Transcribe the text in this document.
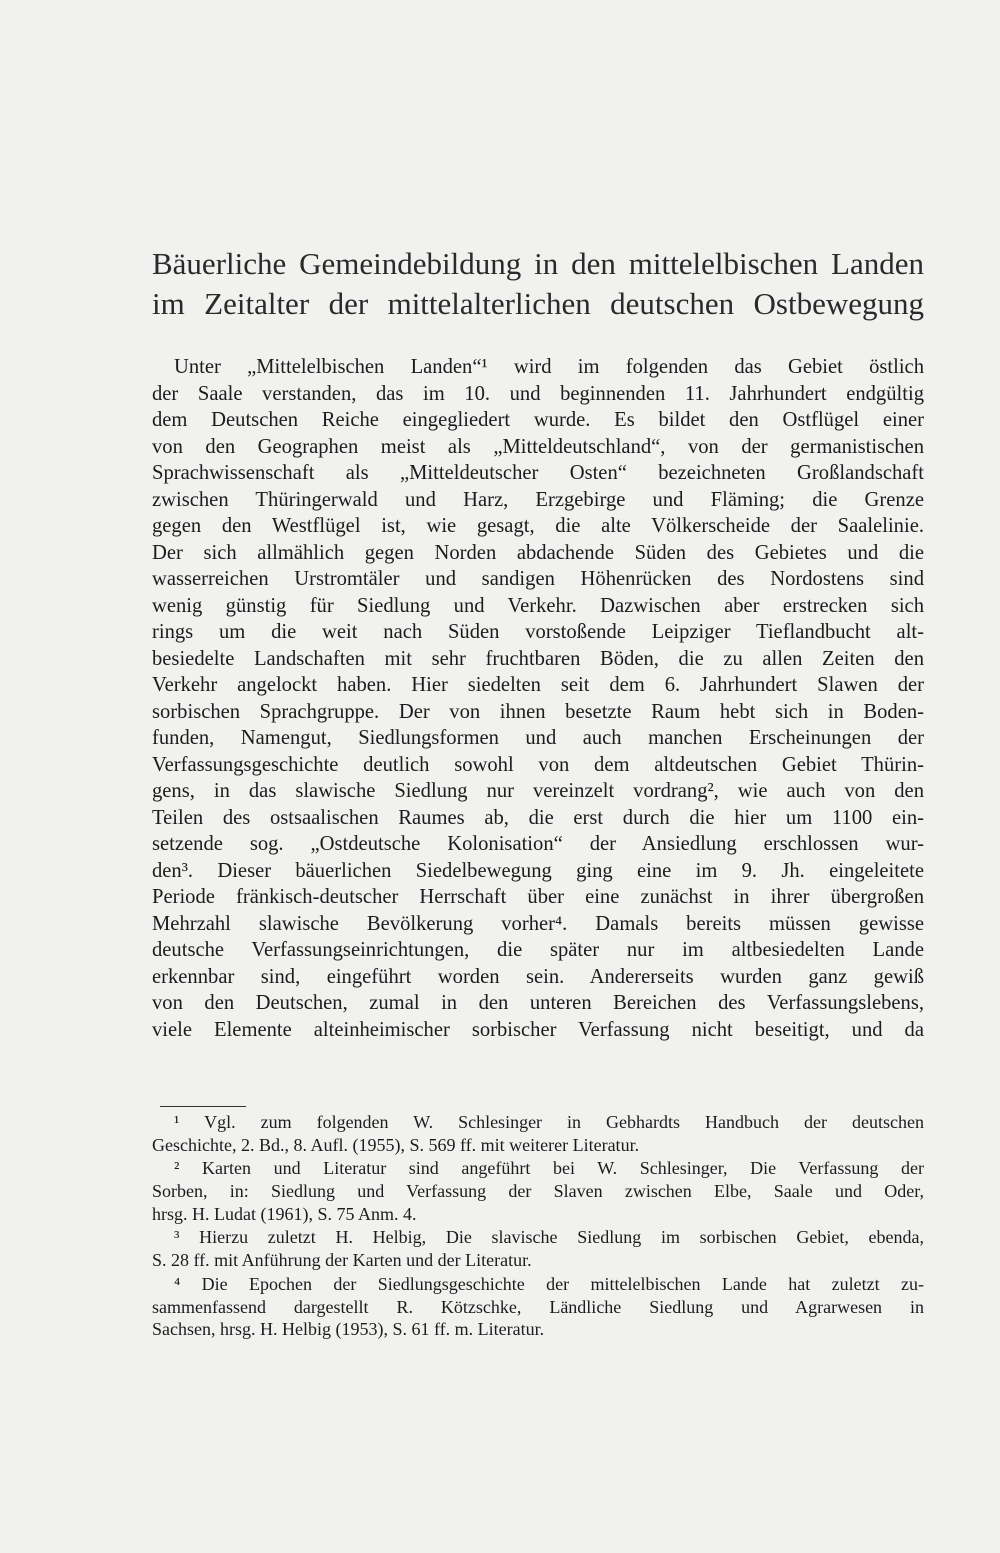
Bäuerliche Gemeindebildung in den mittelelbischen Landen
im Zeitalter der mittelalterlichen deutschen Ostbewegung
Unter „Mittelelbischen Landen“¹ wird im folgenden das Gebiet östlich
der Saale verstanden, das im 10. und beginnenden 11. Jahrhundert endgültig
dem Deutschen Reiche eingegliedert wurde. Es bildet den Ostflügel einer
von den Geographen meist als „Mitteldeutschland“, von der germanistischen
Sprachwissenschaft als „Mitteldeutscher Osten“ bezeichneten Großlandschaft
zwischen Thüringerwald und Harz, Erzgebirge und Fläming; die Grenze
gegen den Westflügel ist, wie gesagt, die alte Völkerscheide der Saalelinie.
Der sich allmählich gegen Norden abdachende Süden des Gebietes und die
wasserreichen Urstromtäler und sandigen Höhenrücken des Nordostens sind
wenig günstig für Siedlung und Verkehr. Dazwischen aber erstrecken sich
rings um die weit nach Süden vorstoßende Leipziger Tieflandbucht alt-
besiedelte Landschaften mit sehr fruchtbaren Böden, die zu allen Zeiten den
Verkehr angelockt haben. Hier siedelten seit dem 6. Jahrhundert Slawen der
sorbischen Sprachgruppe. Der von ihnen besetzte Raum hebt sich in Boden-
funden, Namengut, Siedlungsformen und auch manchen Erscheinungen der
Verfassungsgeschichte deutlich sowohl von dem altdeutschen Gebiet Thürin-
gens, in das slawische Siedlung nur vereinzelt vordrang², wie auch von den
Teilen des ostsaalischen Raumes ab, die erst durch die hier um 1100 ein-
setzende sog. „Ostdeutsche Kolonisation“ der Ansiedlung erschlossen wur-
den³. Dieser bäuerlichen Siedelbewegung ging eine im 9. Jh. eingeleitete
Periode fränkisch-deutscher Herrschaft über eine zunächst in ihrer übergroßen
Mehrzahl slawische Bevölkerung vorher⁴. Damals bereits müssen gewisse
deutsche Verfassungseinrichtungen, die später nur im altbesiedelten Lande
erkennbar sind, eingeführt worden sein. Andererseits wurden ganz gewiß
von den Deutschen, zumal in den unteren Bereichen des Verfassungslebens,
viele Elemente alteinheimischer sorbischer Verfassung nicht beseitigt, und da
¹ Vgl. zum folgenden W. Schlesinger in Gebhardts Handbuch der deutschen
Geschichte, 2. Bd., 8. Aufl. (1955), S. 569 ff. mit weiterer Literatur.
² Karten und Literatur sind angeführt bei W. Schlesinger, Die Verfassung der
Sorben, in: Siedlung und Verfassung der Slaven zwischen Elbe, Saale und Oder,
hrsg. H. Ludat (1961), S. 75 Anm. 4.
³ Hierzu zuletzt H. Helbig, Die slavische Siedlung im sorbischen Gebiet, ebenda,
S. 28 ff. mit Anführung der Karten und der Literatur.
⁴ Die Epochen der Siedlungsgeschichte der mittelelbischen Lande hat zuletzt zu-
sammenfassend dargestellt R. Kötzschke, Ländliche Siedlung und Agrarwesen in
Sachsen, hrsg. H. Helbig (1953), S. 61 ff. m. Literatur.
